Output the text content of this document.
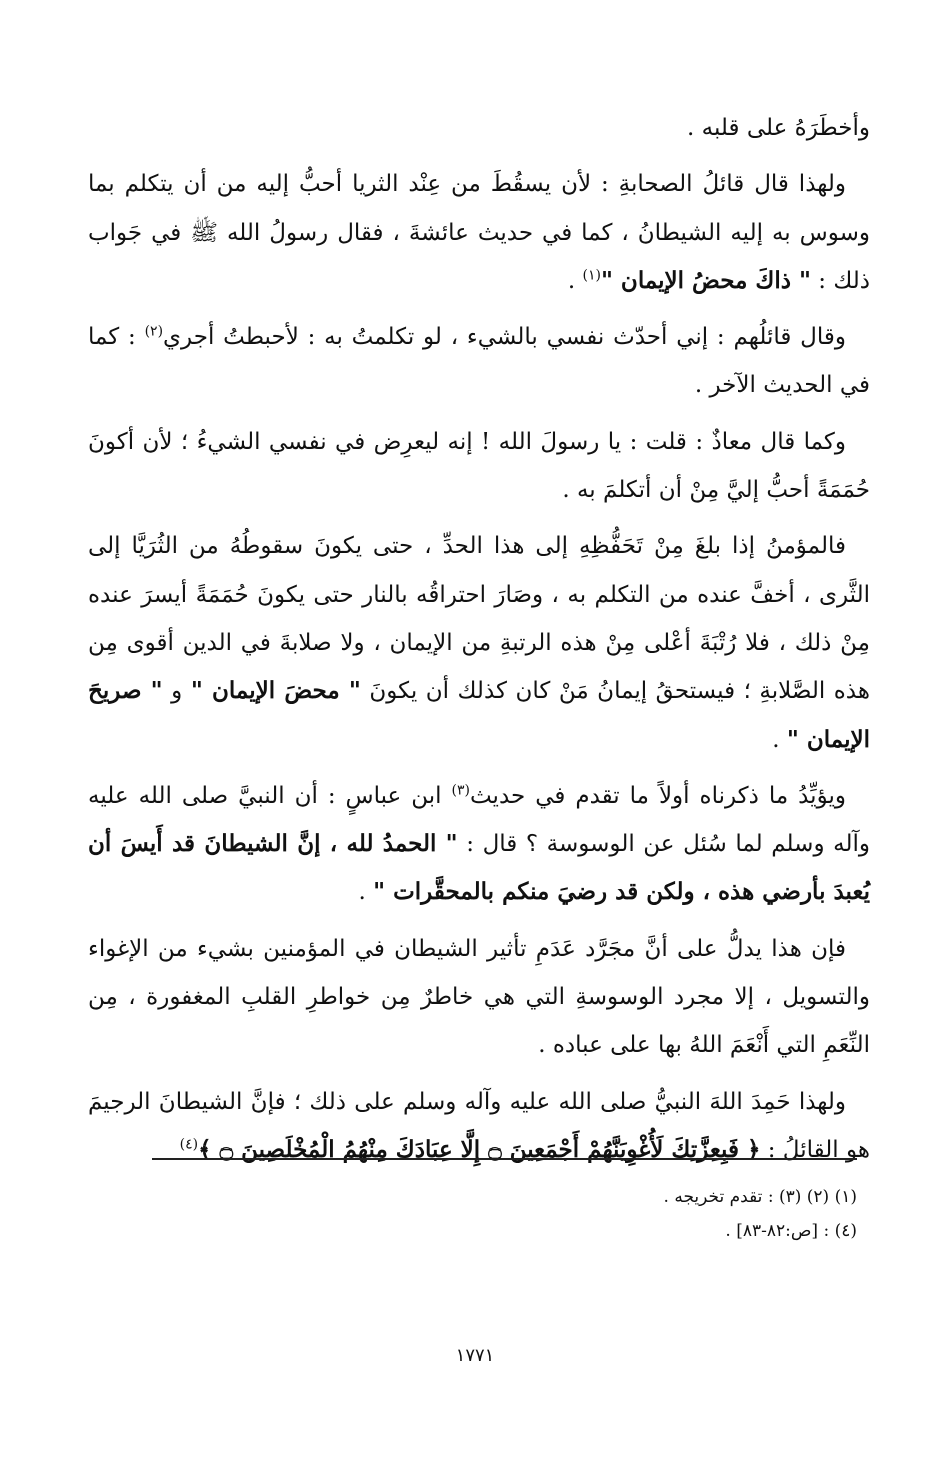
وأخطَرَهُ على قلبه .

ولهذا قال قائلُ الصحابةِ : لأن يسقُطَ من عِنْد الثريا أحبُّ إليه من أن يتكلم بما وسوس به إليه الشيطانُ ، كما في حديث عائشةَ ، فقال رسولُ الله ﷺ في جَواب ذلك : " ذاكَ محضُ الإيمان "$^{(١)}$ .

وقال قائلُهم : إني أحدّث نفسي بالشيء ، لو تكلمتُ به : لأحبطتُ أجري$^{(٢)}$ : كما في الحديث الآخر .

وكما قال معاذٌ : قلت : يا رسولَ الله ! إنه ليعرِض في نفسي الشيءُ ؛ لأن أكونَ حُمَمَةً أحبُّ إليَّ مِنْ أن أتكلمَ به .

فالمؤمنُ إذا بلغَ مِنْ تَحَفُّظِهِ إلى هذا الحدِّ ، حتى يكونَ سقوطُهُ من الثُرَيَّا إلى الثَّرى ، أخفَّ عنده من التكلم به ، وصَارَ احتراقُه بالنار حتى يكونَ حُمَمَةً أيسرَ عنده مِنْ ذلك ، فلا رُتْبَةَ أعْلى مِنْ هذه الرتبةِ من الإيمان ، ولا صلابةَ في الدين أقوى مِن هذه الصَّلابةِ ؛ فيستحقُ إيمانُ مَنْ كان كذلك أن يكونَ " محضَ الإيمان " و " صريحَ الإيمان " .

ويؤيِّدُ ما ذكرناه أولاً ما تقدم في حديث$^{(٣)}$ ابن عباسٍ : أن النبيَّ صلى الله عليه وآله وسلم لما سُئل عن الوسوسة ؟ قال : " الحمدُ لله ، إنَّ الشيطانَ قد أَيسَ أن يُعبدَ بأرضي هذه ، ولكن قد رضيَ منكم بالمحقَّرات " .

فإن هذا يدلُّ على أنَّ مجَرَّد عَدَمِ تأثير الشيطان في المؤمنين بشيء من الإغواء والتسويل ، إلا مجرد الوسوسةِ التي هي خاطرٌ مِن خواطرِ القلبِ المغفورة ، مِن النِّعَمِ التي أَنْعَمَ اللهُ بها على عباده .

ولهذا حَمِدَ اللهَ النبيُّ صلى الله عليه وآله وسلم على ذلك ؛ فإنَّ الشيطانَ الرجيمَ هو القائلُ : ﴿ فَبِعِزَّتِكَ لَأُغْوِيَنَّهُمْ أَجْمَعِينَ ۝ إِلَّا عِبَادَكَ مِنْهُمُ الْمُخْلَصِينَ ۝ ﴾$^{(٤)}$

(١) (٢) (٣) : تقدم تخريجه .

(٤) : [ص:٨٢-٨٣] .

١٧٧١
